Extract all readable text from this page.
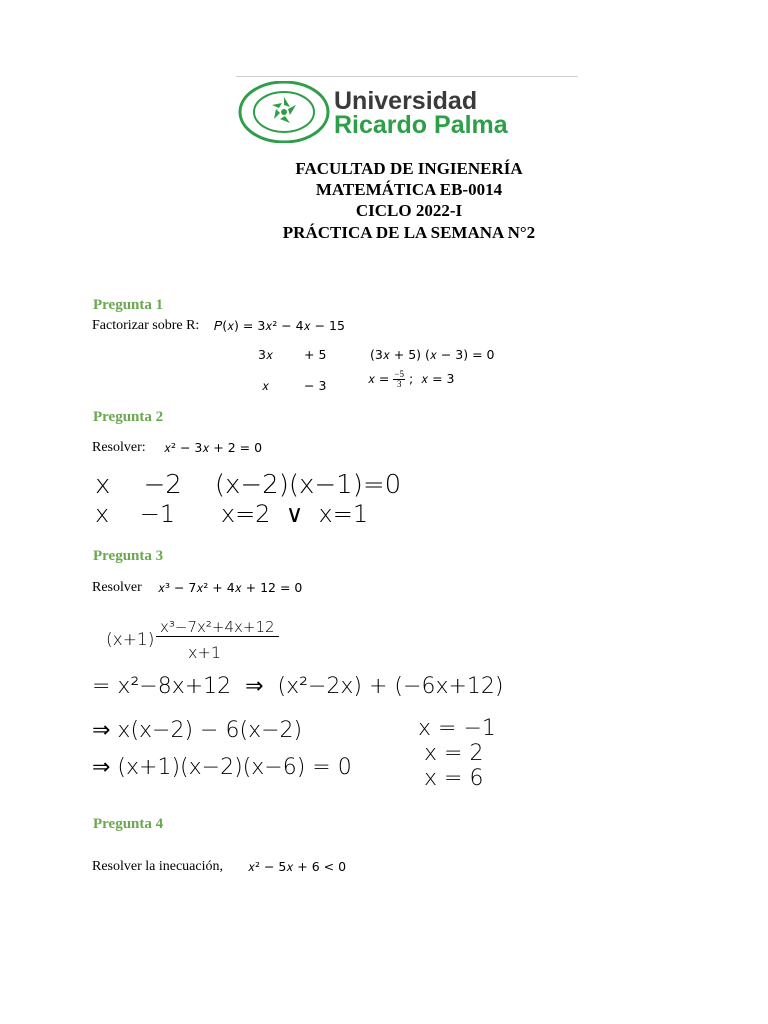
Universidad
Ricardo Palma
FACULTAD DE INGIENERÍA
MATEMÁTICA EB-0014
CICLO 2022-I
PRÁCTICA DE LA SEMANA N°2
Pregunta 1
Factorizar sobre R: 𝑃(𝑥) = 3𝑥² − 4𝑥 − 15
3𝑥 + 5	(3𝑥 + 5) (𝑥 − 3) = 0
𝑥	− 3	𝑥 = $\frac{-5}{3}$ ;  𝑥 = 3
Pregunta 2
Resolver: 𝑥² − 3𝑥 + 2 = 0
x    −2    (x−2)(x−1)=0
x    −1      x=2  ∨  x=1
Pregunta 3
Resolver 𝑥³ − 7𝑥² + 4𝑥 + 12 = 0
(x+1)
x³−7x²+4x+12
x+1
= x²−8x+12  ⇒  (x²−2x) + (−6x+12)
⇒ x(x−2) − 6(x−2)
⇒ (x+1)(x−2)(x−6) = 0
x = −1
x = 2
x = 6
Pregunta 4
Resolver la inecuación, 𝑥² − 5𝑥 + 6 < 0
